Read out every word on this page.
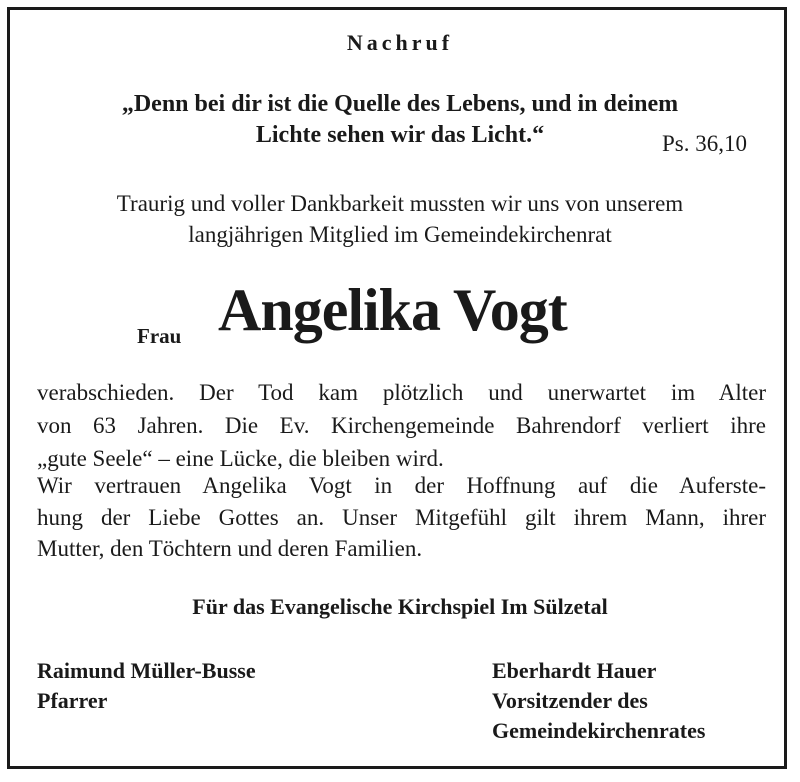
Nachruf
„Denn bei dir ist die Quelle des Lebens, und in deinem
Lichte sehen wir das Licht.“	Ps. 36,10
Traurig und voller Dankbarkeit mussten wir uns von unserem
langjährigen Mitglied im Gemeindekirchenrat
Frau Angelika Vogt
verabschieden. Der Tod kam plötzlich und unerwartet im Alter
von 63 Jahren. Die Ev. Kirchengemeinde Bahrendorf verliert ihre
„gute Seele“ – eine Lücke, die bleiben wird.
Wir vertrauen Angelika Vogt in der Hoffnung auf die Auferste-
hung der Liebe Gottes an. Unser Mitgefühl gilt ihrem Mann, ihrer
Mutter, den Töchtern und deren Familien.
Für das Evangelische Kirchspiel Im Sülzetal
Raimund Müller-Busse
Pfarrer
Eberhardt Hauer
Vorsitzender des
Gemeindekirchenrates
